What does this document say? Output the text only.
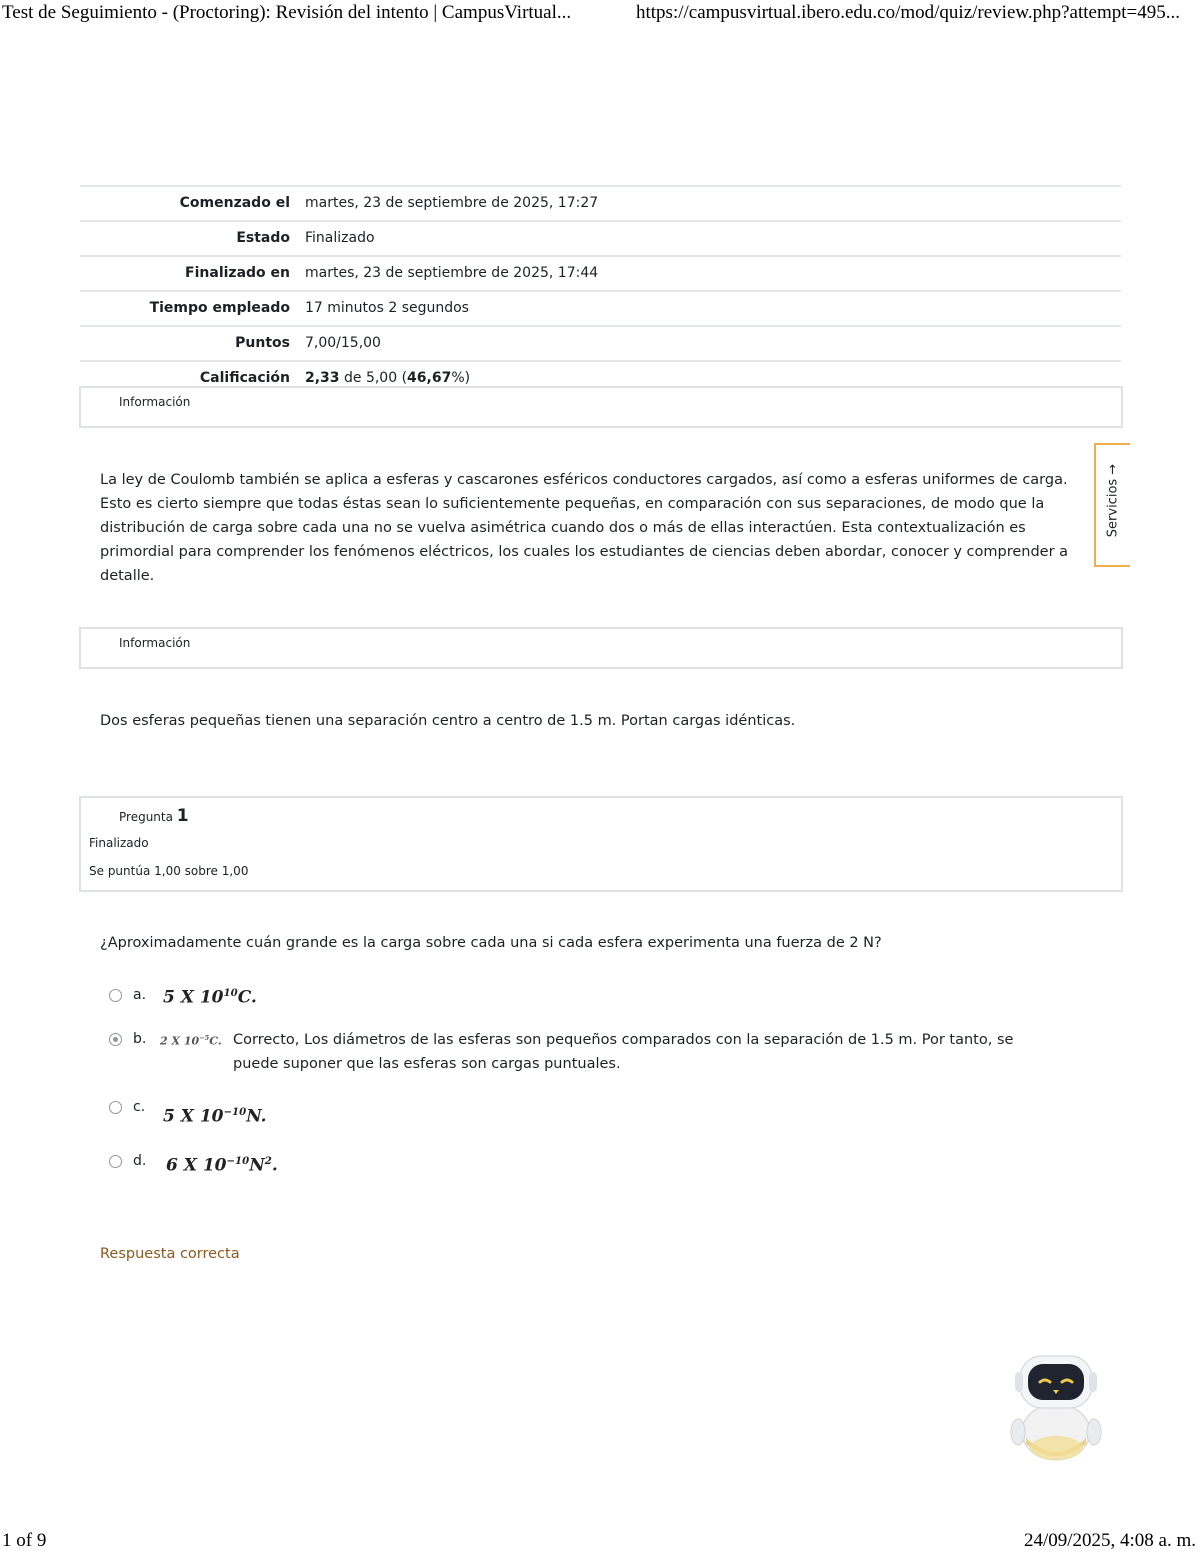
Test de Seguimiento - (Proctoring): Revisión del intento | CampusVirtual...	https://campusvirtual.ibero.edu.co/mod/quiz/review.php?attempt=495...
Comenzado el	martes, 23 de septiembre de 2025, 17:27
Estado	Finalizado
Finalizado en	martes, 23 de septiembre de 2025, 17:44
Tiempo empleado	17 minutos 2 segundos
Puntos	7,00/15,00
Calificación	2,33 de 5,00 (46,67%)
Información
La ley de Coulomb también se aplica a esferas y cascarones esféricos conductores cargados, así como a esferas uniformes de carga. Esto es cierto siempre que todas éstas sean lo suficientemente pequeñas, en comparación con sus separaciones, de modo que la distribución de carga sobre cada una no se vuelva asimétrica cuando dos o más de ellas interactúen. Esta contextualización es primordial para comprender los fenómenos eléctricos, los cuales los estudiantes de ciencias deben abordar, conocer y comprender a detalle.
Servicios →
Información
Dos esferas pequeñas tienen una separación centro a centro de 1.5 m. Portan cargas idénticas.
Pregunta 1
Finalizado
Se puntúa 1,00 sobre 1,00
¿Aproximadamente cuán grande es la carga sobre cada una si cada esfera experimenta una fuerza de 2 N?
a. 5 X $10^{10}C$.
b. 2 X $10^{-5}C$. Correcto, Los diámetros de las esferas son pequeños comparados con la separación de 1.5 m. Por tanto, se puede suponer que las esferas son cargas puntuales.
c. 5 X $10^{-10}N$.
d. 6 X $10^{-10}N^2$.
Respuesta correcta
1 of 9	24/09/2025, 4:08 a. m.
